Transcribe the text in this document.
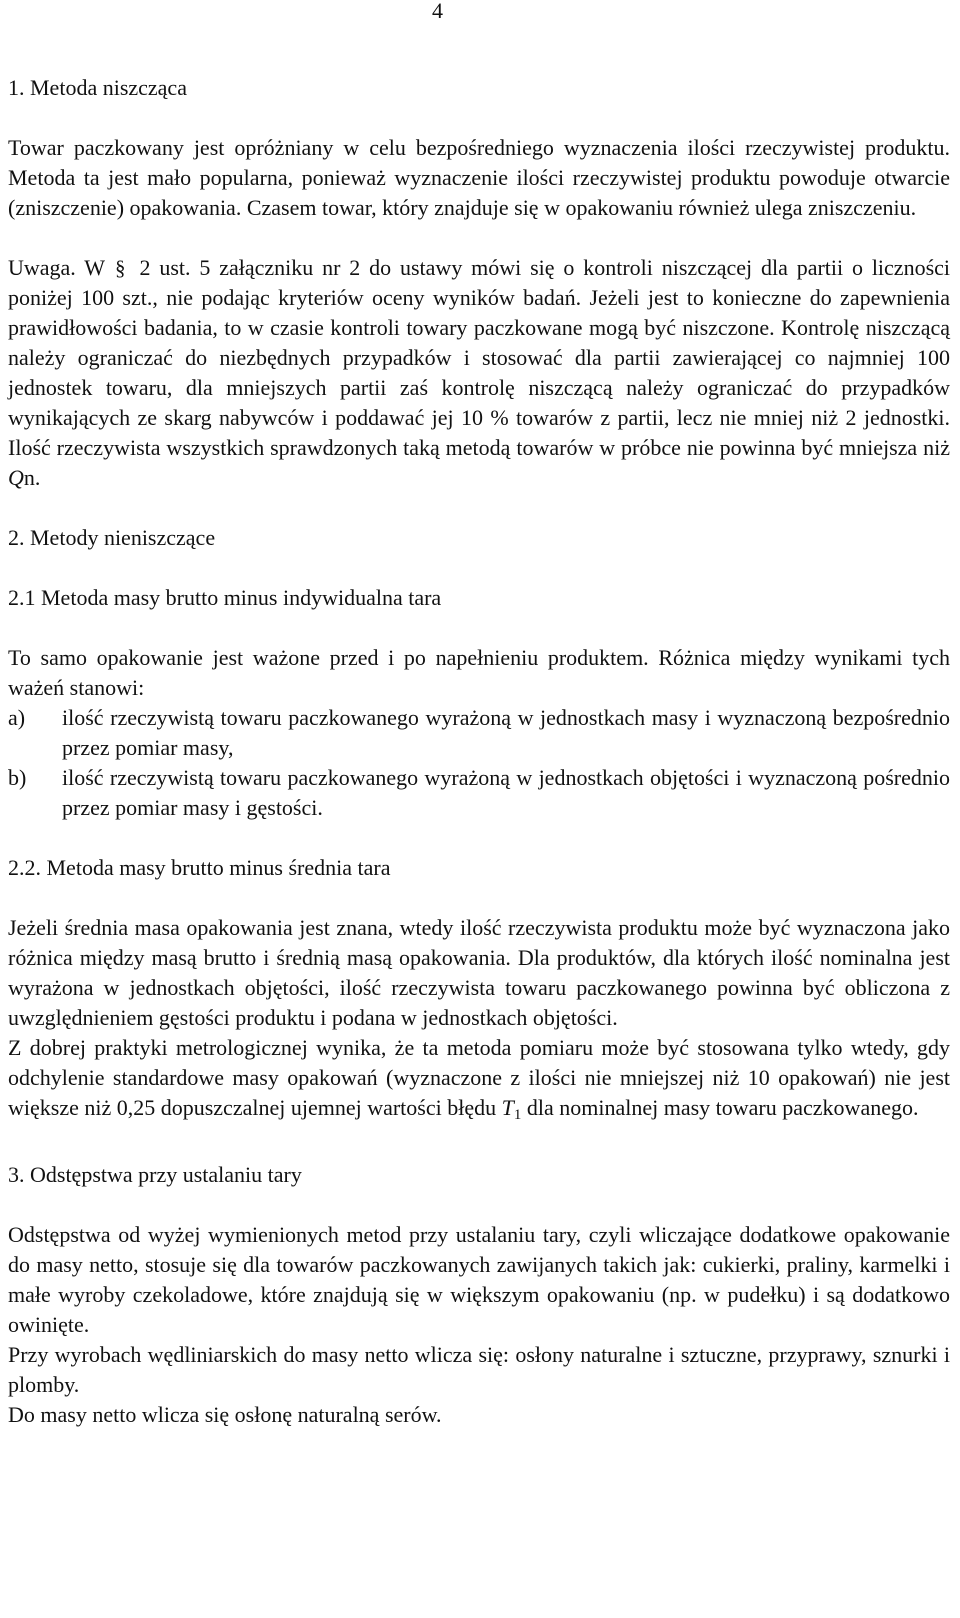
4
1. Metoda niszcząca

Towar paczkowany jest opróżniany w celu bezpośredniego wyznaczenia ilości rzeczywistej produktu. Metoda ta jest mało popularna, ponieważ wyznaczenie ilości rzeczywistej produktu powoduje otwarcie (zniszczenie) opakowania. Czasem towar, który znajduje się w opakowaniu również ulega zniszczeniu.

Uwaga. W § 2 ust. 5 załączniku nr 2 do ustawy mówi się o kontroli niszczącej dla partii o liczności poniżej 100 szt., nie podając kryteriów oceny wyników badań. Jeżeli jest to konieczne do zapewnienia prawidłowości badania, to w czasie kontroli towary paczkowane mogą być niszczone. Kontrolę niszczącą należy ograniczać do niezbędnych przypadków i stosować dla partii zawierającej co najmniej 100 jednostek towaru, dla mniejszych partii zaś kontrolę niszczącą należy ograniczać do przypadków wynikających ze skarg nabywców i poddawać jej 10 % towarów z partii, lecz nie mniej niż 2 jednostki. Ilość rzeczywista wszystkich sprawdzonych taką metodą towarów w próbce nie powinna być mniejsza niż Qn.

2. Metody nieniszczące
2.1 Metoda masy brutto minus indywidualna tara

To samo opakowanie jest ważone przed i po napełnieniu produktem. Różnica między wynikami tych ważeń stanowi:

a) ilość rzeczywistą towaru paczkowanego wyrażoną w jednostkach masy i wyznaczoną bezpośrednio przez pomiar masy,
b) ilość rzeczywistą towaru paczkowanego wyrażoną w jednostkach objętości i wyznaczoną pośrednio przez pomiar masy i gęstości.
2.2. Metoda masy brutto minus średnia tara

Jeżeli średnia masa opakowania jest znana, wtedy ilość rzeczywista produktu może być wyznaczona jako różnica między masą brutto i średnią masą opakowania. Dla produktów, dla których ilość nominalna jest wyrażona w jednostkach objętości, ilość rzeczywista towaru paczkowanego powinna być obliczona z uwzględnieniem gęstości produktu i podana w jednostkach objętości.

Z dobrej praktyki metrologicznej wynika, że ta metoda pomiaru może być stosowana tylko wtedy, gdy odchylenie standardowe masy opakowań (wyznaczone z ilości nie mniejszej niż 10 opakowań) nie jest większe niż 0,25 dopuszczalnej ujemnej wartości błędu T1 dla nominalnej masy towaru paczkowanego.

3. Odstępstwa przy ustalaniu tary

Odstępstwa od wyżej wymienionych metod przy ustalaniu tary, czyli wliczające dodatkowe opakowanie do masy netto, stosuje się dla towarów paczkowanych zawijanych takich jak: cukierki, praliny, karmelki i małe wyroby czekoladowe, które znajdują się w większym opakowaniu (np. w pudełku) i są dodatkowo owinięte.

Przy wyrobach wędliniarskich do masy netto wlicza się: osłony naturalne i sztuczne, przyprawy, sznurki i plomby.

Do masy netto wlicza się osłonę naturalną serów.
